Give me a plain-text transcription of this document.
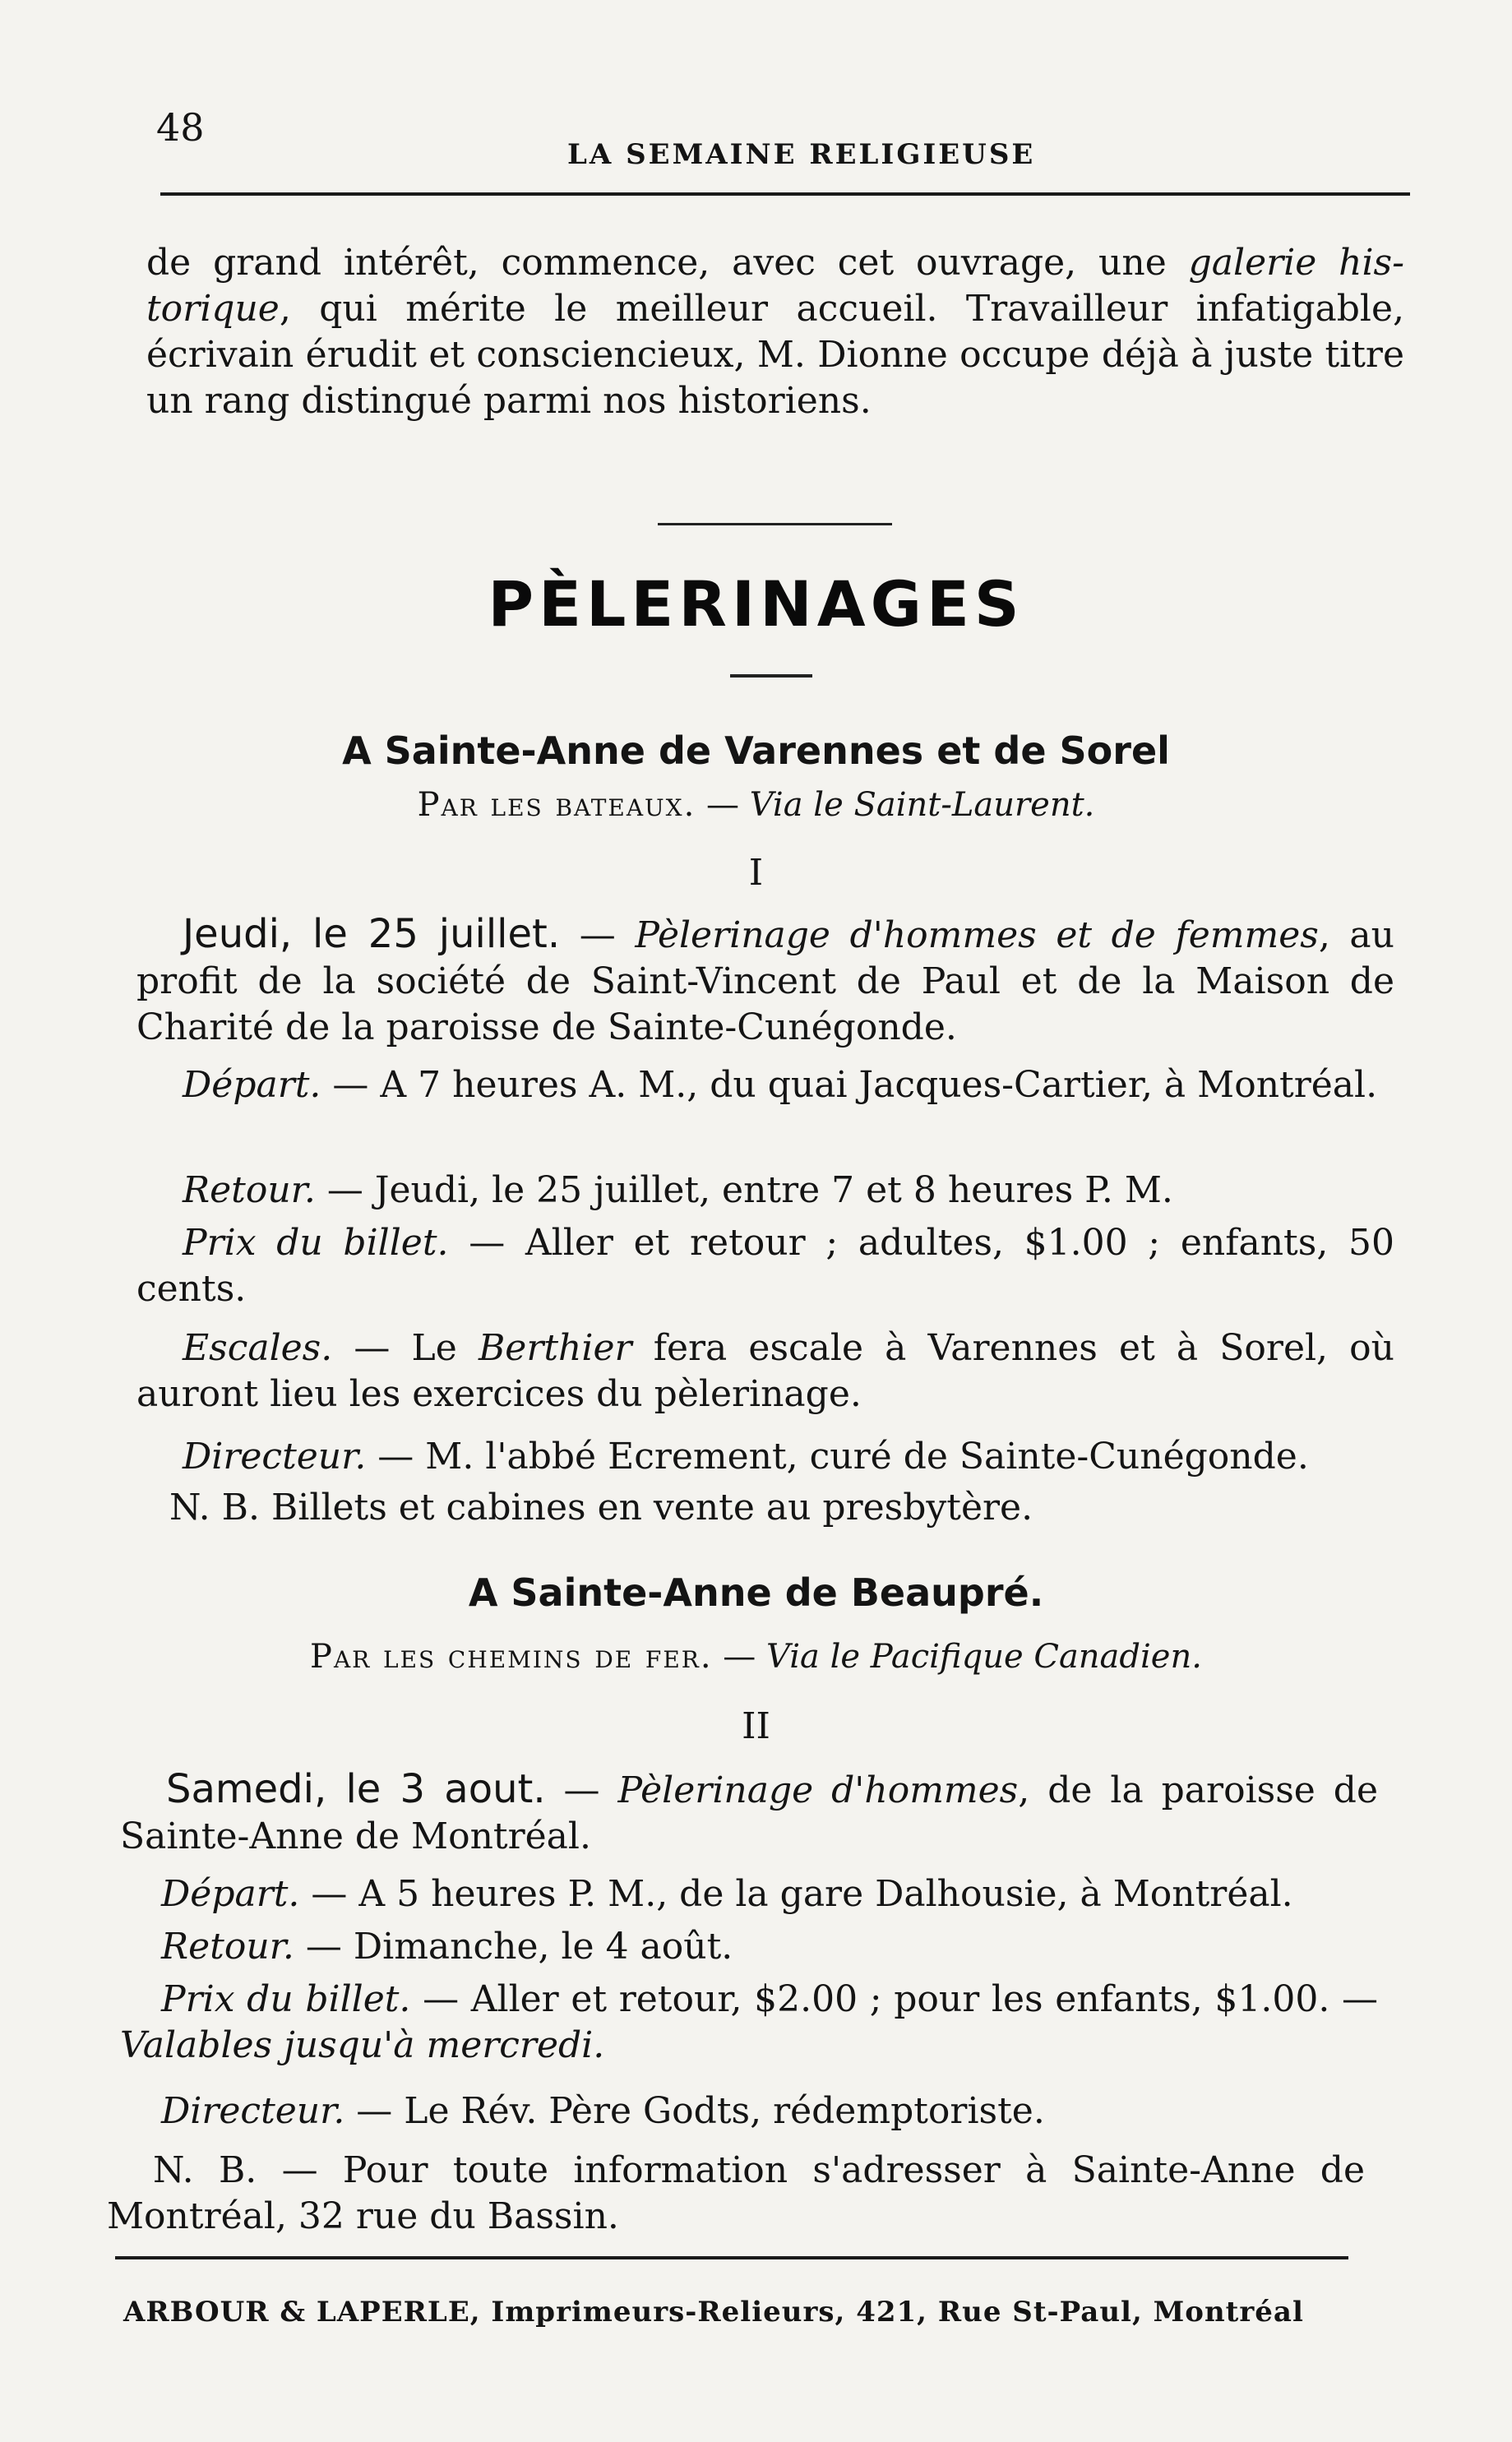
48
LA SEMAINE RELIGIEUSE

de grand intérêt, commence, avec cet ouvrage, une galerie his-torique, qui mérite le meilleur accueil. Travailleur infatigable, écrivain érudit et consciencieux, M. Dionne occupe déjà à juste titre un rang distingué parmi nos historiens.

PÈLERINAGES

A Sainte-Anne de Varennes et de Sorel

Par les bateaux. — Via le Saint-Laurent.

I

Jeudi, le 25 juillet. — Pèlerinage d'hommes et de femmes, au profit de la société de Saint-Vincent de Paul et de la Maison de Charité de la paroisse de Sainte-Cunégonde.

Départ. — A 7 heures A. M., du quai Jacques-Cartier, à Montréal.

Retour. — Jeudi, le 25 juillet, entre 7 et 8 heures P. M.

Prix du billet. — Aller et retour ; adultes, $1.00 ; enfants, 50 cents.

Escales. — Le Berthier fera escale à Varennes et à Sorel, où auront lieu les exercices du pèlerinage.

Directeur. — M. l'abbé Ecrement, curé de Sainte-Cunégonde.

N. B. Billets et cabines en vente au presbytère.

A Sainte-Anne de Beaupré.

Par les chemins de fer. — Via le Pacifique Canadien.

II

Samedi, le 3 aout. — Pèlerinage d'hommes, de la paroisse de Sainte-Anne de Montréal.

Départ. — A 5 heures P. M., de la gare Dalhousie, à Montréal.

Retour. — Dimanche, le 4 août.

Prix du billet. — Aller et retour, $2.00 ; pour les enfants, $1.00. — Valables jusqu'à mercredi.

Directeur. — Le Rév. Père Godts, rédemptoriste.

N. B. — Pour toute information s'adresser à Sainte-Anne de Montréal, 32 rue du Bassin.

ARBOUR & LAPERLE, Imprimeurs-Relieurs, 421, Rue St-Paul, Montréal
